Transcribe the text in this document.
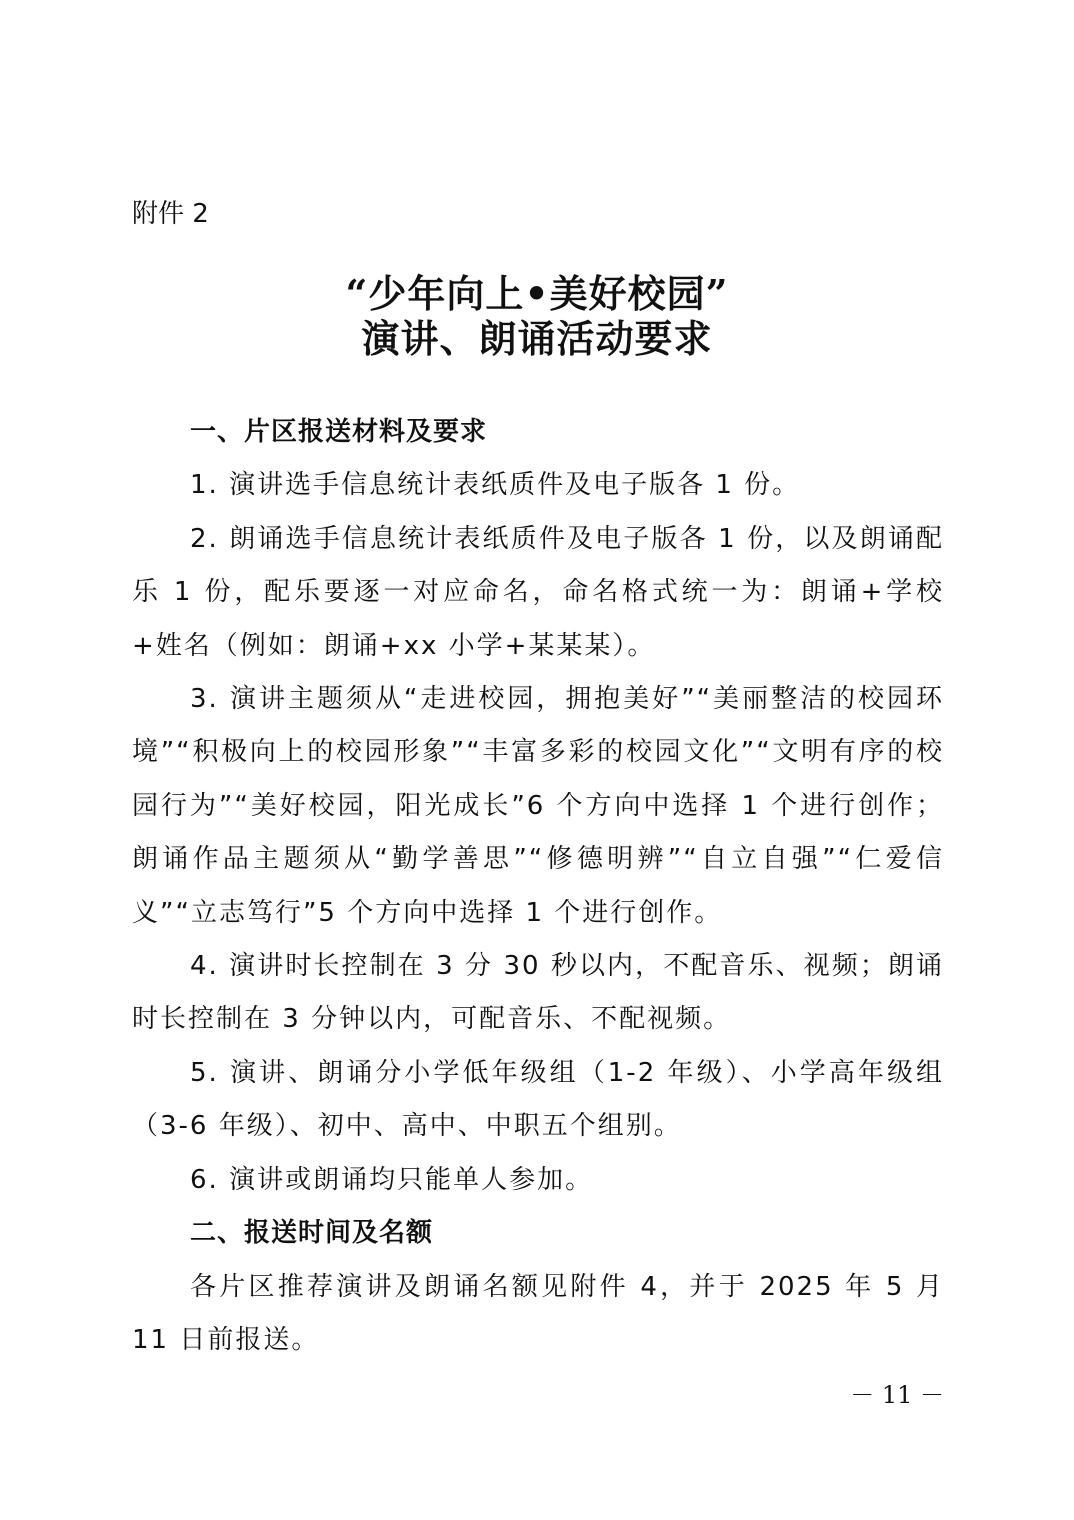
附件 2
“少年向上•美好校园”
演讲、朗诵活动要求

一、片区报送材料及要求

1. 演讲选手信息统计表纸质件及电子版各 1 份。

2. 朗诵选手信息统计表纸质件及电子版各 1 份，以及朗诵配乐 1 份，配乐要逐一对应命名，命名格式统一为：朗诵+学校+姓名（例如：朗诵+xx 小学+某某某）。

3. 演讲主题须从“走进校园，拥抱美好”“美丽整洁的校园环境”“积极向上的校园形象”“丰富多彩的校园文化”“文明有序的校园行为”“美好校园，阳光成长”6 个方向中选择 1 个进行创作；朗诵作品主题须从“勤学善思”“修德明辨”“自立自强”“仁爱信义”“立志笃行”5 个方向中选择 1 个进行创作。

4. 演讲时长控制在 3 分 30 秒以内，不配音乐、视频；朗诵时长控制在 3 分钟以内，可配音乐、不配视频。

5. 演讲、朗诵分小学低年级组（1-2 年级）、小学高年级组（3-6 年级）、初中、高中、中职五个组别。

6. 演讲或朗诵均只能单人参加。

二、报送时间及名额

各片区推荐演讲及朗诵名额见附件 4，并于 2025 年 5 月 11 日前报送。

－ 11 －
